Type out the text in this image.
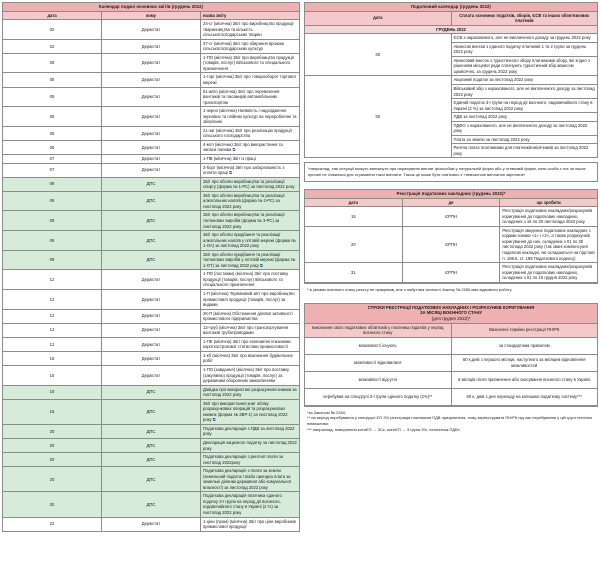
Календар подачі основних звітів (грудень 2022)		
дата	кому	назва звіту
02	Держстат	24-сг (місячна) Звіт про виробництво продукції тваринництва та кількість сільськогосподарських тварин
02	Держстат	37-сг (місячна) Звіт про збирання врожаю сільськогосподарських культур
05	Держстат	1-ПО (місячна) Звіт про виробництво продукції (товарів, послуг) військового та спеціального призначення
05	Держстат	1-торг (місячна) Звіт про товарооборот торгової мережі
05	Держстат	51-авто (місячна) Звіт про перевезення вантажів та пасажирів автомобільним транспортом
05	Держстат	1-зерно (місячна) Наявність і надходження зернових та олійних культур на переробленні та зберіганні
05	Держстат	21-заг (місячна) Звіт про реалізацію продукції сільського господарства
06	Держстат	4-мтп (місячна) Звіт про використання та запаси палива ⧉
07	Держстат	1-ПВ (місячна) Звіт із праці
07	Держстат	3-борг (місячна) Звіт про заборгованість з оплати праці ⧉
09	ДПС	Звіт про обсяги виробництва та реалізації спирту (форма № 1-РС) за листопад 2022 року
09	ДПС	Звіт про обсяги виробництва та реалізації алкогольних напоїв (форма № 2-РС) за листопад 2022 року
09	ДПС	Звіт про обсяги виробництва та реалізації тютюнових виробів (форма № 3-РС) за листопад 2022 року
09	ДПС	Звіт про обсяги придбання та реалізації алкогольних напоїв у оптовій мережі (форма № 1-ОА) за листопад 2022 року
09	ДПС	Звіт про обсяги придбання та реалізації тютюнових виробів у оптовій мережі (форма № 1-ОТ) за листопад 2022 року ⧉
12	Держстат	1-ПО (поставки) (місячна) Звіт про поставку продукції (товарів, послуг) військового та спеціального призначення
12	Держстат	1-П (місячна) Терміновий звіт про виробництво промислової продукції (товарів, послуг) за видами
12	Держстат	2К-П (місячна) Обстеження ділової активності промислового підприємства
12	Держстат	12-труб (місячна) Звіт про транспортування вантажів трубопроводами
12	Держстат	1-ПЕ (місячна) Звіт про економічні показники короткострокової статистики промисловості
15	Держстат	1-кб (місячна) Звіт про виконання будівельних робіт
15	Держстат	1-ПО (завдання) (місячна) Звіт про поставку (закупівлю) продукції (товарів, послуг) за державним оборонним замовленням
15	ДПС	Довідка про використані розрахункові книжки за листопад 2022 року
15	ДПС	Звіт про використання книг обліку розрахункових операцій та розрахункових книжок (форма № ЗВР-1) за листопад 2022 року ⧉
20	ДПС	Податкова декларація з ПДВ за листопад 2022 року
20	ДПС	Декларація акцизного податку за листопад 2022 року
20	ДПС	Податкова декларація з рентної плати за листопад 2022року
20	ДПС	Податкова декларація з плати за землю (земельний податок та/або орендна плата за земельні ділянки державної або комунальної власності) за листопад 2022 року
20	ДПС	Податкова декларація платника єдиного податку 3-ї групи на період дії воєнного, надзвичайного стану в Україні (2 %) за листопад 2022 року
22	Держстат	1-ціни (пром) (місячна) Звіт про ціни виробників промислової продукції
Податковий календар (грудень 2022)	
дата	Сплата основних податків, зборів, ЄСВ та інших обов'язкових платежів
ГРУДЕНЬ 2022	
30	ЄСВ з нарахованого, але не виплаченого доходу за грудень 2022 року
	Авансові внески з єдиного податку платників 1 та 2 групи за грудень 2022 року
	Авансовий внесок з туристичного збору платниками збору, які згідно з рішенням місцевої ради сплачують туристичний збір авансом щомісячно, за грудень 2022 року
30	Акцизний податок за листопад 2022 року
	Військовий збір з нарахованого, але не виплаченого доходу за листопад 2022 року
	Єдиний податок 3-ї групи на період дії воєнного, надзвичайного стану в Україні (2 %) за листопад 2022 року
	ПДВ за листопад 2022 року
	ПДФО з нарахованого, але не виплаченого доходу за листопад 2022 року
	Плата за землю за листопад 2022 року
	Рентна плата платниками для платників-місячників за листопад 2022 року
*наприклад, такі ситуації можуть виникнути при нарахуванні виплат фізособам у натуральній формі або у готівковій формі, коли особа з тих чи інших причин не з'явилася для отримання такої виплати. Також це може бути пов'язано з «невчасною виплатою зарплати»
Реєстрація податкових накладних (грудень 2022)*		
дата	де	що зробити
15	ЄРПН	Реєстрація податкових накладних/розрахунків коригування до податкових накладних, складених з 16 по 30 листопада 2022 року
20	ЄРПН	Реєстрація зведених податкових накладних з кодами ознаки «1» і «2», а також розрахунків коригування до них, складених з 01 по 30 листопада 2022 року (так звані компенсуючі податкові накладні, які складаються на підставі п. 198.5, ст. 199 Податкового кодексу)
31	ЄРПН	Реєстрація податкових накладних/розрахунків коригування до податкових накладних, складених з 01 по 15 грудня 2022 року
* в умовах воєнного стану реєстр не працював, але з набуттям чинності Закону № 2260 має відновити роботу
СТРОКИ РЕЄСТРАЦІЇ ПОДАТКОВИХ НАКЛАДНИХ І РОЗРАХУНКІВ КОРИГУВАННЯ
ЗА МІСЯЦІ ВОЄННОГО СТАНУ
(для грудня 2022)*	

виконання своїх податкових обов'язків у платника податків у період воєнного стану	Визначені терміни реєстрації ПН/РК
можливості існують	за стандартним правилом
можливості відновилися	60 к.днів з першого місяця, наступного за місяцем відновлення можливостей
можливості відсутні	6 місяців після припинення або скасування воєнного стану в Україні
перебував на спецгрупі 3-ї групи єдиного податку (2%)**	60 к. днів з дня переходу на колишню податкову систему***
*за Законом № 2260;
** на період перебування у спецгрупі ЄП 2% реєстрація платником ПДВ призупинена, тому зареєструвати ПН/РК під час перебування у цій групі технічно неможливо;
*** наприклад, повернення котиЄП → 3Ск, котиЄП → 3 група 3%, неплатник ПДВ»
